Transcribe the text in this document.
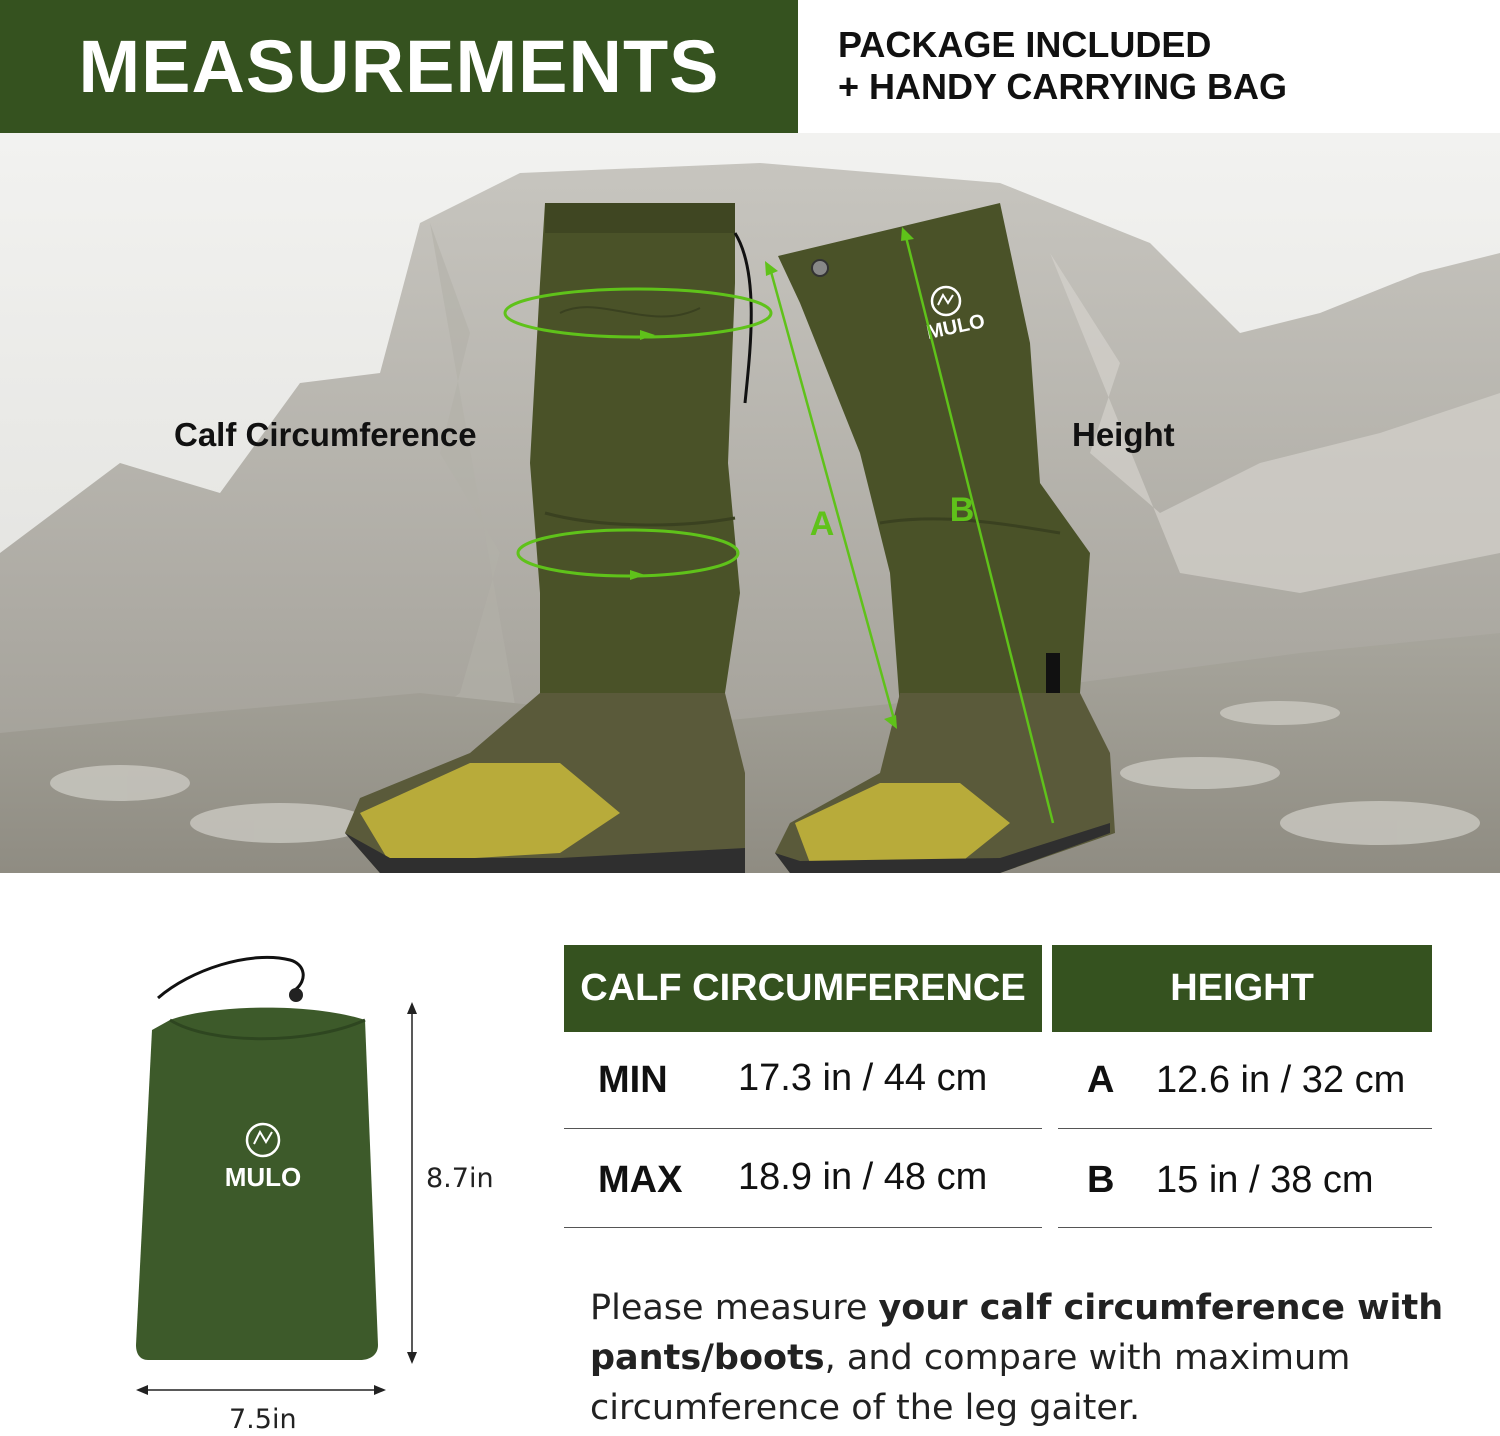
MEASUREMENTS	PACKAGE INCLUDED
+ HANDY CARRYING BAG
MULO
A	B
Calf Circumference	Height
MULO	8.7in
7.5in
CALF CIRCUMFERENCE	HEIGHT
MIN 17.3 in / 44 cm	A 12.6 in / 32 cm
MAX 18.9 in / 48 cm	B 15 in / 38 cm
Please measure your calf circumference with pants/boots, and compare with maximum circumference of the leg gaiter.
